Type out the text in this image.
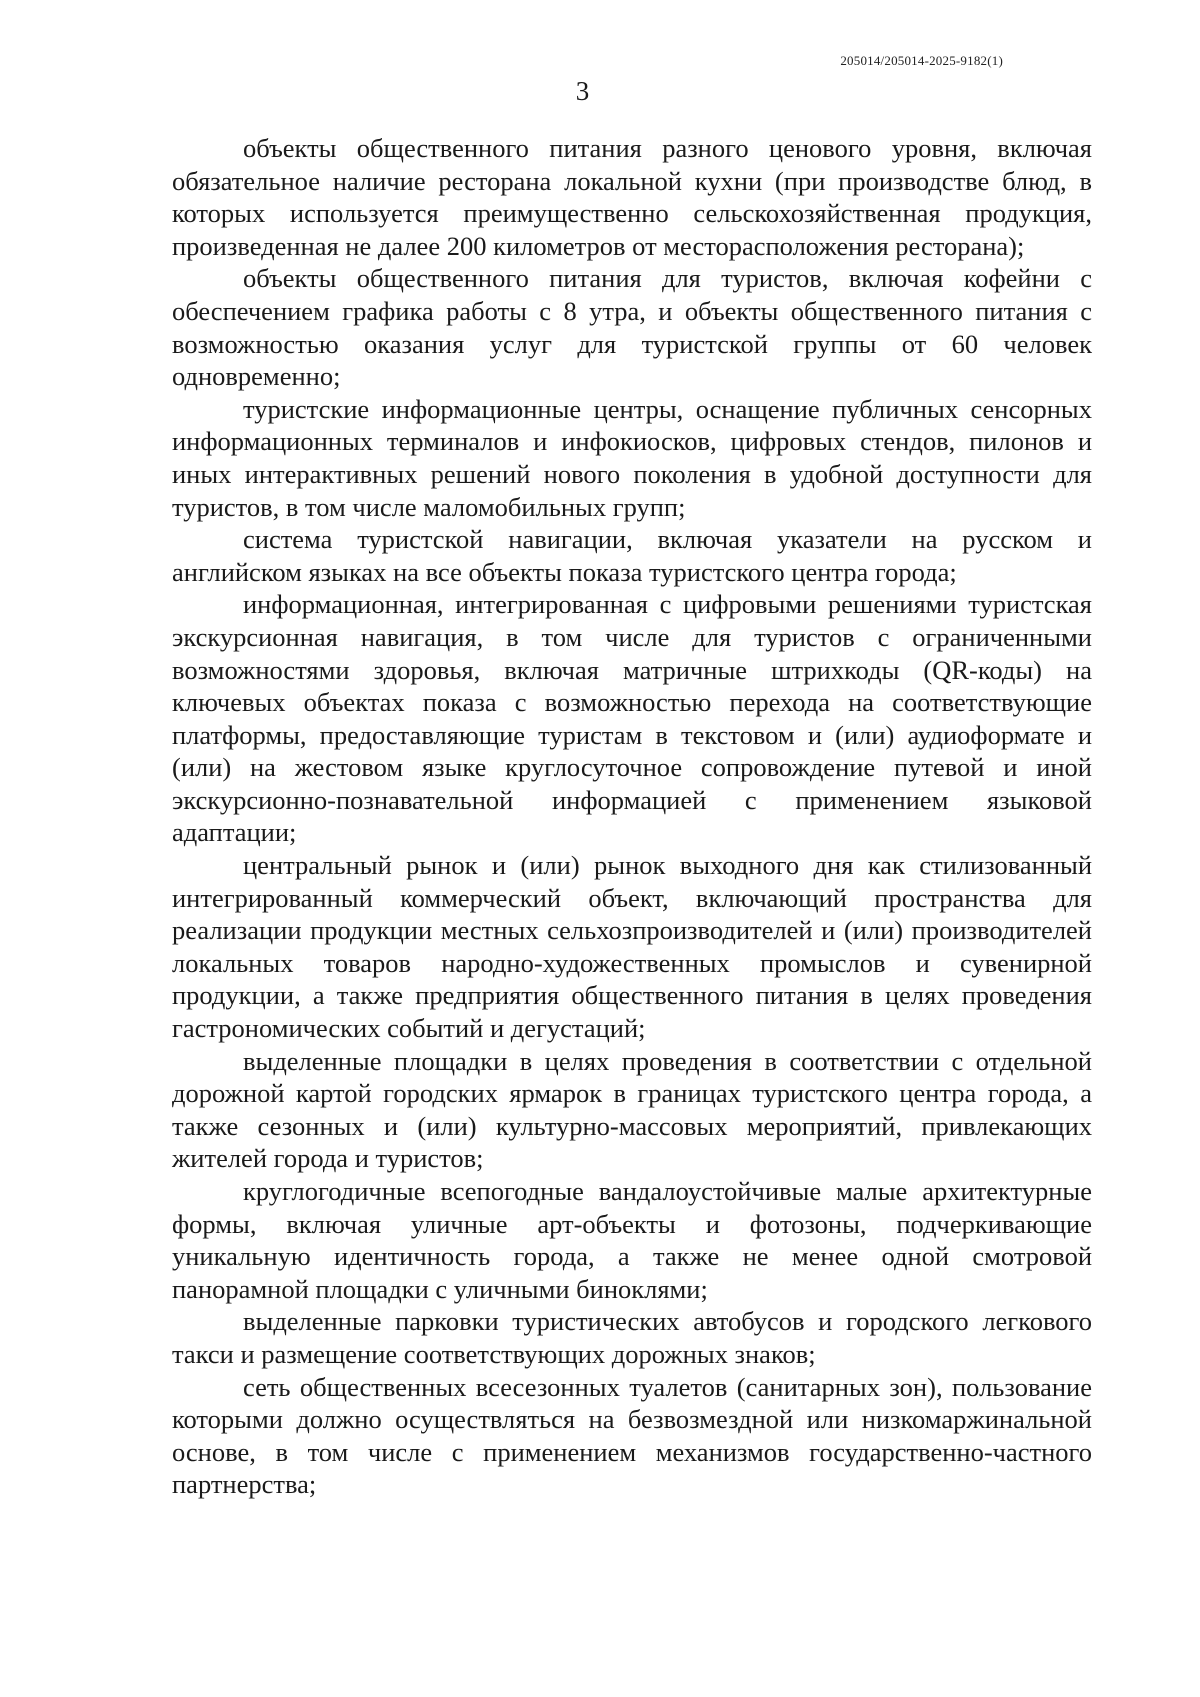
205014/205014-2025-9182(1)
3

объекты общественного питания разного ценового уровня, включая обязательное наличие ресторана локальной кухни (при производстве блюд, в которых используется преимущественно сельскохозяйственная продукция, произведенная не далее 200 километров от месторасположения ресторана);

объекты общественного питания для туристов, включая кофейни с обеспечением графика работы с 8 утра, и объекты общественного питания с возможностью оказания услуг для туристской группы от 60 человек одновременно;

туристские информационные центры, оснащение публичных сенсорных информационных терминалов и инфокиосков, цифровых стендов, пилонов и иных интерактивных решений нового поколения в удобной доступности для туристов, в том числе маломобильных групп;

система туристской навигации, включая указатели на русском и английском языках на все объекты показа туристского центра города;

информационная, интегрированная с цифровыми решениями туристская экскурсионная навигация, в том числе для туристов с ограниченными возможностями здоровья, включая матричные штрихкоды (QR-коды) на ключевых объектах показа с возможностью перехода на соответствующие платформы, предоставляющие туристам в текстовом и (или) аудиоформате и (или) на жестовом языке круглосуточное сопровождение путевой и иной экскурсионно-познавательной информацией с применением языковой адаптации;

центральный рынок и (или) рынок выходного дня как стилизованный интегрированный коммерческий объект, включающий пространства для реализации продукции местных сельхозпроизводителей и (или) производителей локальных товаров народно-художественных промыслов и сувенирной продукции, а также предприятия общественного питания в целях проведения гастрономических событий и дегустаций;

выделенные площадки в целях проведения в соответствии с отдельной дорожной картой городских ярмарок в границах туристского центра города, а также сезонных и (или) культурно-массовых мероприятий, привлекающих жителей города и туристов;

круглогодичные всепогодные вандалоустойчивые малые архитектурные формы, включая уличные арт-объекты и фотозоны, подчеркивающие уникальную идентичность города, а также не менее одной смотровой панорамной площадки с уличными биноклями;

выделенные парковки туристических автобусов и городского легкового такси и размещение соответствующих дорожных знаков;

сеть общественных всесезонных туалетов (санитарных зон), пользование которыми должно осуществляться на безвозмездной или низкомаржинальной основе, в том числе с применением механизмов государственно-частного партнерства;
